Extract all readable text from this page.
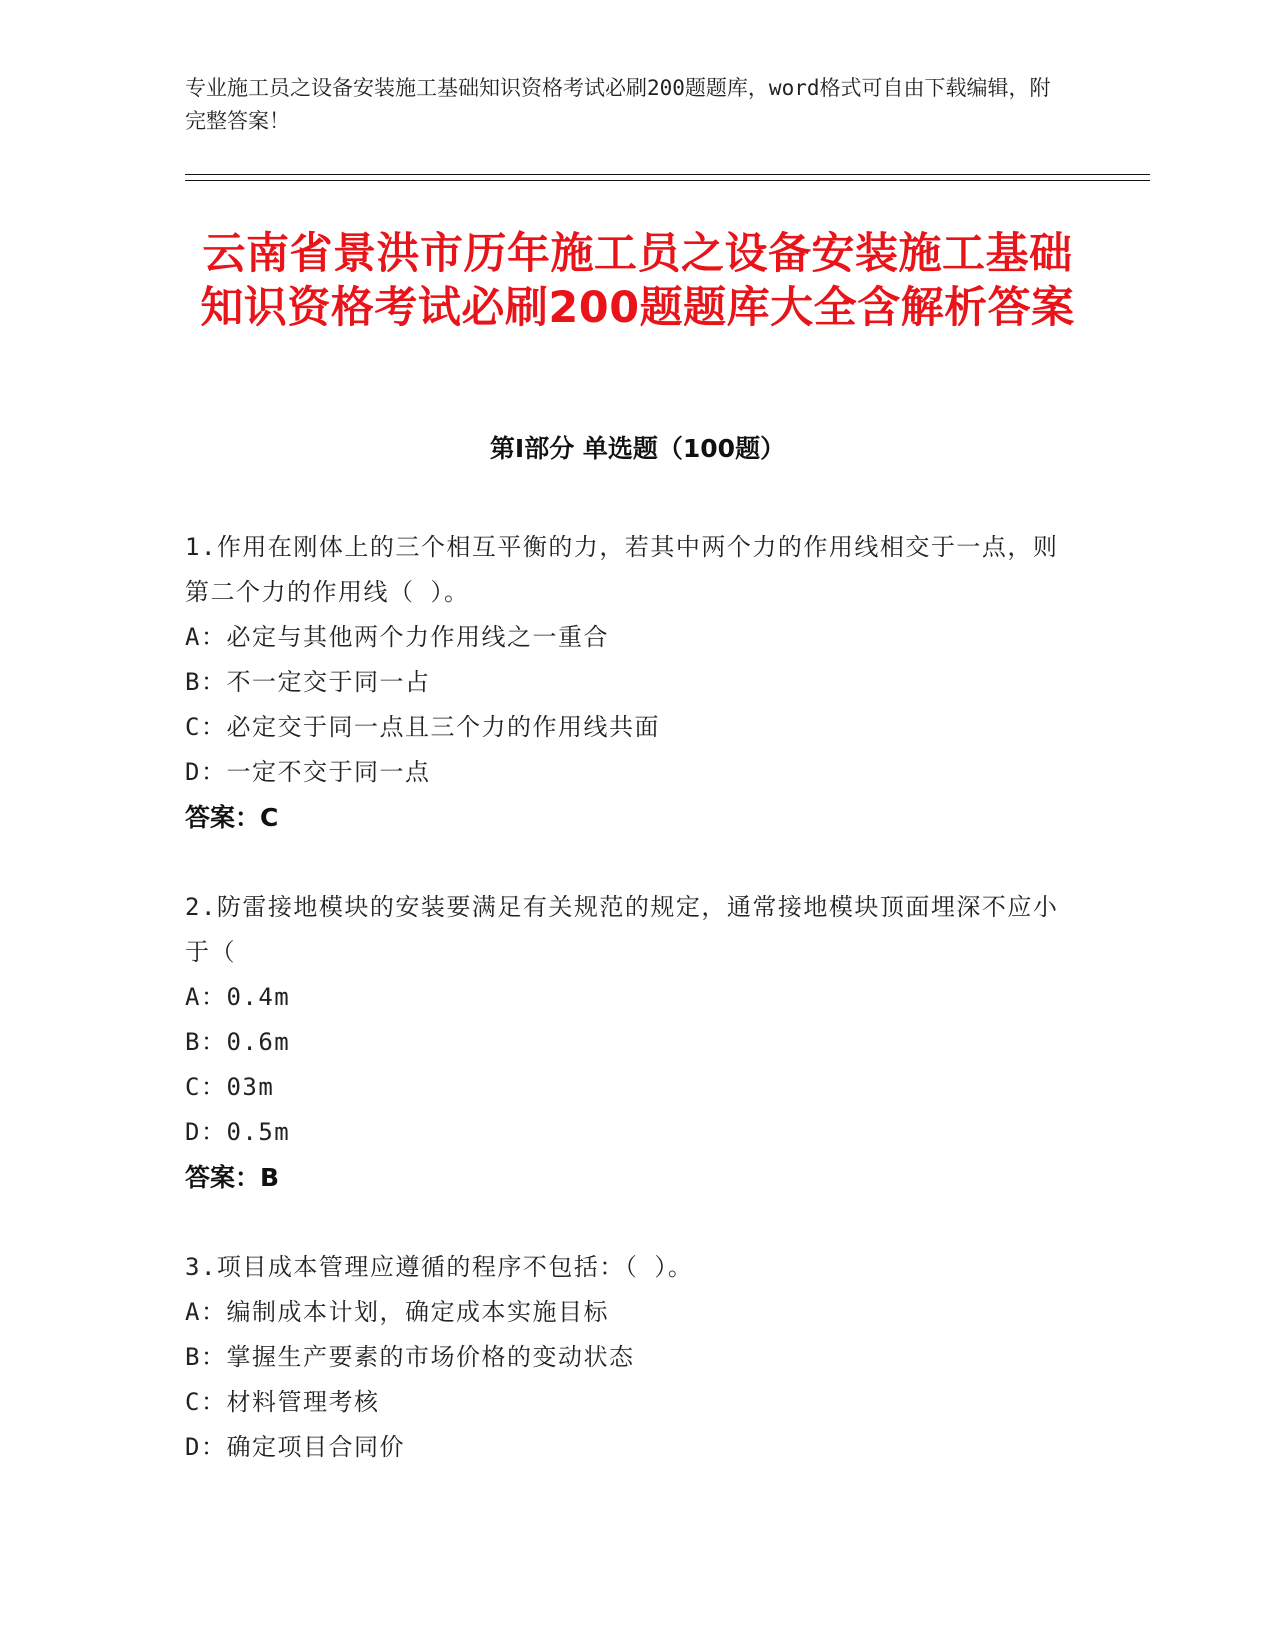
专业施工员之设备安装施工基础知识资格考试必刷200题题库，word格式可自由下载编辑，附完整答案！
云南省景洪市历年施工员之设备安装施工基础知识资格考试必刷200题题库大全含解析答案
第I部分 单选题（100题）
1.作用在刚体上的三个相互平衡的力，若其中两个力的作用线相交于一点，则第二个力的作用线（ ）。
A：必定与其他两个力作用线之一重合
B：不一定交于同一占
C：必定交于同一点且三个力的作用线共面
D：一定不交于同一点
答案：C
2.防雷接地模块的安装要满足有关规范的规定，通常接地模块顶面埋深不应小于（
A：0.4m
B：0.6m
C：03m
D：0.5m
答案：B
3.项目成本管理应遵循的程序不包括：（ ）。
A：编制成本计划，确定成本实施目标
B：掌握生产要素的市场价格的变动状态
C：材料管理考核
D：确定项目合同价
